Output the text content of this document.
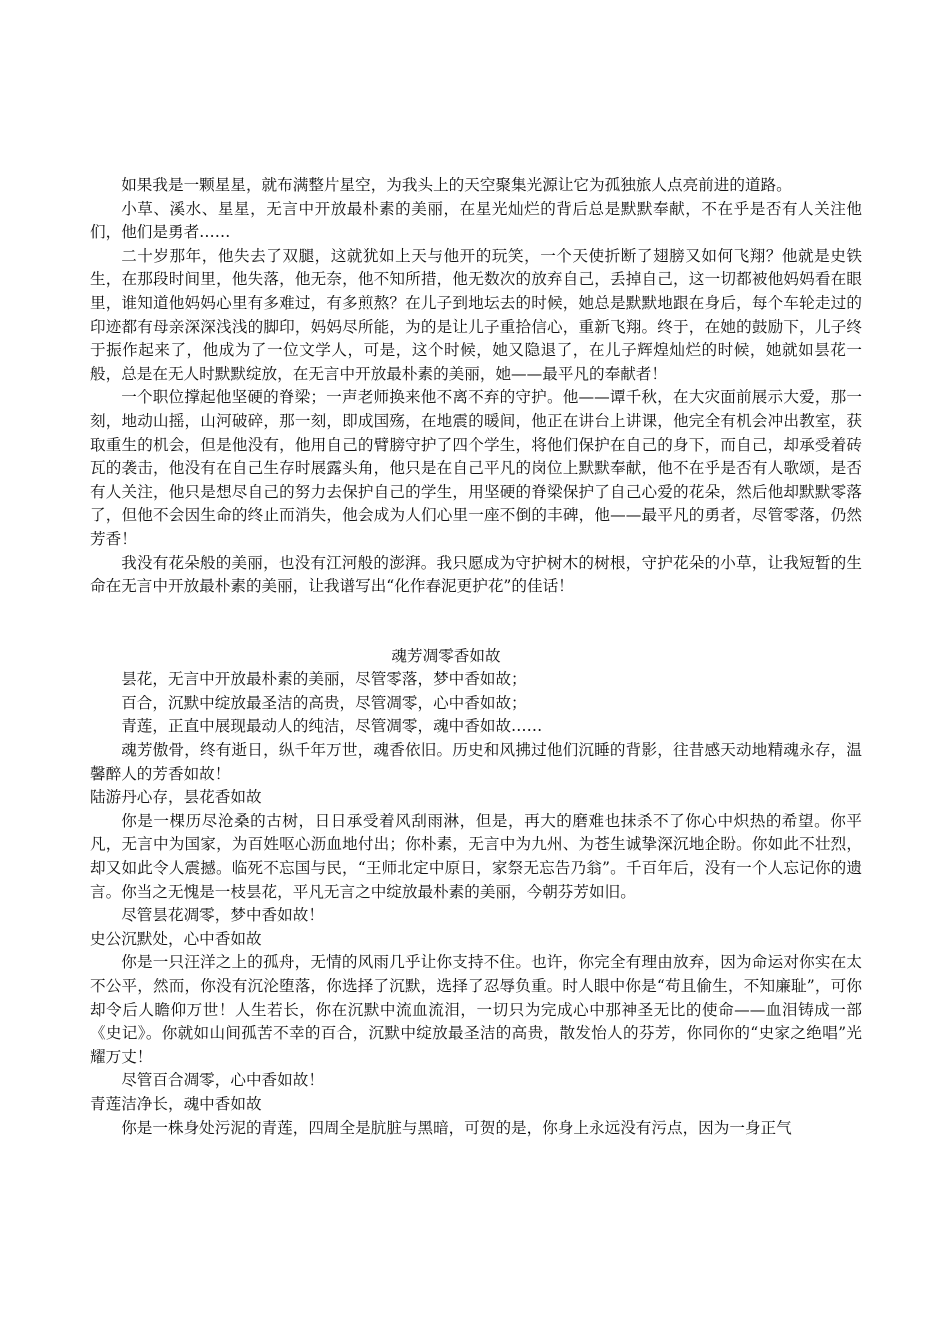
如果我是一颗星星，就布满整片星空，为我头上的天空聚集光源让它为孤独旅人点亮前进的道路。

小草、溪水、星星，无言中开放最朴素的美丽，在星光灿烂的背后总是默默奉献，不在乎是否有人关注他们，他们是勇者……

二十岁那年，他失去了双腿，这就犹如上天与他开的玩笑，一个天使折断了翅膀又如何飞翔？他就是史铁生，在那段时间里，他失落，他无奈，他不知所措，他无数次的放弃自己，丢掉自己，这一切都被他妈妈看在眼里，谁知道他妈妈心里有多难过，有多煎熬？在儿子到地坛去的时候，她总是默默地跟在身后，每个车轮走过的印迹都有母亲深深浅浅的脚印，妈妈尽所能，为的是让儿子重拾信心，重新飞翔。终于，在她的鼓励下，儿子终于振作起来了，他成为了一位文学人，可是，这个时候，她又隐退了，在儿子辉煌灿烂的时候，她就如昙花一般，总是在无人时默默绽放，在无言中开放最朴素的美丽，她——最平凡的奉献者！

一个职位撑起他坚硬的脊梁；一声老师换来他不离不弃的守护。他——谭千秋，在大灾面前展示大爱，那一刻，地动山摇，山河破碎，那一刻，即成国殇，在地震的暖间，他正在讲台上讲课，他完全有机会冲出教室，获取重生的机会，但是他没有，他用自己的臂膀守护了四个学生，将他们保护在自己的身下，而自己，却承受着砖瓦的袭击，他没有在自己生存时展露头角，他只是在自己平凡的岗位上默默奉献，他不在乎是否有人歌颂，是否有人关注，他只是想尽自己的努力去保护自己的学生，用坚硬的脊梁保护了自己心爱的花朵，然后他却默默零落了，但他不会因生命的终止而消失，他会成为人们心里一座不倒的丰碑，他——最平凡的勇者，尽管零落，仍然芳香！

我没有花朵般的美丽，也没有江河般的澎湃。我只愿成为守护树木的树根，守护花朵的小草，让我短暂的生命在无言中开放最朴素的美丽，让我谱写出“化作春泥更护花”的佳话！

魂芳凋零香如故

昙花，无言中开放最朴素的美丽，尽管零落，梦中香如故；

百合，沉默中绽放最圣洁的高贵，尽管凋零，心中香如故；

青莲，正直中展现最动人的纯洁，尽管凋零，魂中香如故……

魂芳傲骨，终有逝日，纵千年万世，魂香依旧。历史和风拂过他们沉睡的背影，往昔感天动地精魂永存，温馨醉人的芳香如故！

陆游丹心存，昙花香如故

你是一棵历尽沧桑的古树，日日承受着风刮雨淋，但是，再大的磨难也抹杀不了你心中炽热的希望。你平凡，无言中为国家，为百姓呕心沥血地付出；你朴素，无言中为九州、为苍生诚挚深沉地企盼。你如此不壮烈，却又如此令人震撼。临死不忘国与民，“王师北定中原日，家祭无忘告乃翁”。千百年后，没有一个人忘记你的遗言。你当之无愧是一枝昙花，平凡无言之中绽放最朴素的美丽，今朝芬芳如旧。

尽管昙花凋零，梦中香如故！

史公沉默处，心中香如故

你是一只汪洋之上的孤舟，无情的风雨几乎让你支持不住。也许，你完全有理由放弃，因为命运对你实在太不公平，然而，你没有沉沦堕落，你选择了沉默，选择了忍辱负重。时人眼中你是“苟且偷生，不知廉耻”，可你却令后人瞻仰万世！人生若长，你在沉默中流血流泪，一切只为完成心中那神圣无比的使命——血泪铸成一部《史记》。你就如山间孤苦不幸的百合，沉默中绽放最圣洁的高贵，散发怡人的芬芳，你同你的“史家之绝唱”光耀万丈！

尽管百合凋零，心中香如故！

青莲洁净长，魂中香如故

你是一株身处污泥的青莲，四周全是肮脏与黑暗，可贺的是，你身上永远没有污点，因为一身正气
